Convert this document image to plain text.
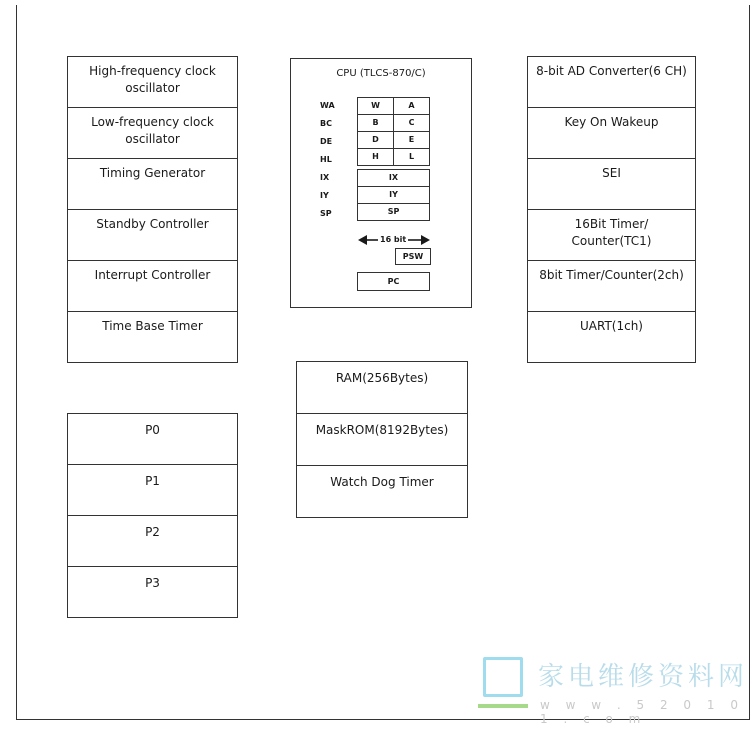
High-frequency clock
oscillator
Low-frequency clock
oscillator
Timing Generator
Standby Controller
Interrupt Controller
Time Base Timer
8-bit AD Converter(6 CH)
Key On Wakeup
SEI
16Bit Timer/
Counter(TC1)
8bit Timer/Counter(2ch)
UART(1ch)
P0
P1
P2
P3
RAM(256Bytes)
MaskROM(8192Bytes)
Watch Dog Timer
CPU (TLCS-870/C)
WA
BC
DE
HL
IX
IY
SP
W	A
B	C
D	E
H	L
IX
IY
SP
16 bit
PSW
PC
家电维修资料网
w w w . 5 2 0 1 0 1 . c o m
